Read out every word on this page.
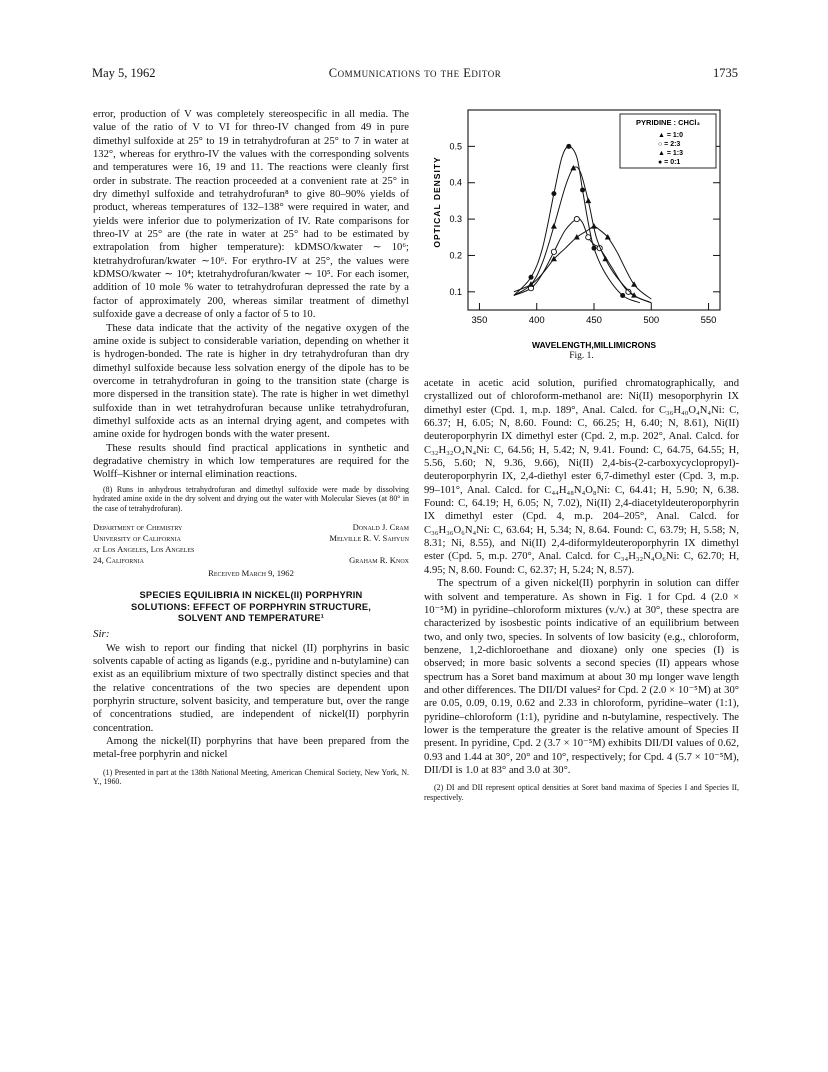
May 5, 1962	Communications to the Editor	1735

error, production of V was completely stereospecific in all media. The value of the ratio of V to VI for threo-IV changed from 49 in pure dimethyl sulfoxide at 25° to 19 in tetrahydrofuran at 25° to 7 in water at 132°, whereas for erythro-IV the values with the corresponding solvents and temperatures were 16, 19 and 11. The reactions were cleanly first order in substrate. The reaction proceeded at a convenient rate at 25° in dry dimethyl sulfoxide and tetrahydrofuran⁸ to give 80–90% yields of product, whereas temperatures of 132–138° were required in water, and yields were inferior due to polymerization of IV. Rate comparisons for threo-IV at 25° are (the rate in water at 25° had to be estimated by extrapolation from higher temperature): kDMSO/kwater ∼ 10⁶; ktetrahydrofuran/kwater ∼10⁶. For erythro-IV at 25°, the values were kDMSO/kwater ∼ 10⁴; ktetrahydrofuran/kwater ∼ 10⁵. For each isomer, addition of 10 mole % water to tetrahydrofuran depressed the rate by a factor of approximately 200, whereas similar treatment of dimethyl sulfoxide gave a decrease of only a factor of 5 to 10.

These data indicate that the activity of the negative oxygen of the amine oxide is subject to considerable variation, depending on whether it is hydrogen-bonded. The rate is higher in dry tetrahydrofuran than dry dimethyl sulfoxide because less solvation energy of the dipole has to be overcome in tetrahydrofuran in going to the transition state (charge is more dispersed in the transition state). The rate is higher in wet dimethyl sulfoxide than in wet tetrahydrofuran because unlike tetrahydrofuran, dimethyl sulfoxide acts as an internal drying agent, and competes with amine oxide for hydrogen bonds with the water present.

These results should find practical applications in synthetic and degradative chemistry in which low temperatures are required for the Wolff–Kishner or internal elimination reactions.

(8) Runs in anhydrous tetrahydrofuran and dimethyl sulfoxide were made by dissolving hydrated amine oxide in the dry solvent and drying out the water with Molecular Sieves (at 80° in the case of tetrahydrofuran).

Department of Chemistry	Donald J. Cram
University of California	Melville R. V. Sahyun
at Los Angeles, Los Angeles
24, California	Graham R. Knox
Received March 9, 1962
SPECIES EQUILIBRIA IN NICKEL(II) PORPHYRIN
SOLUTIONS: EFFECT OF PORPHYRIN STRUCTURE,
SOLVENT AND TEMPERATURE¹

Sir:

We wish to report our finding that nickel (II) porphyrins in basic solvents capable of acting as ligands (e.g., pyridine and n-butylamine) can exist as an equilibrium mixture of two spectrally distinct species and that the relative concentrations of the two species are dependent upon porphyrin structure, solvent basicity, and temperature but, over the range of concentrations studied, are independent of nickel(II) porphyrin concentration.

Among the nickel(II) porphyrins that have been prepared from the metal-free porphyrin and nickel

(1) Presented in part at the 138th National Meeting, American Chemical Society, New York, N. Y., 1960.

0.5
0.4
0.3
0.2
0.1
350	400	450	500	550
PYRIDINE : CHCl₃
▲ = 1:0
○ = 2:3
▲ = 1:3
● = 0:1
OPTICAL DENSITY
WAVELENGTH,MILLIMICRONS
Fig. 1.

acetate in acetic acid solution, purified chromatographically, and crystallized out of chloroform-methanol are: Ni(II) mesoporphyrin IX dimethyl ester (Cpd. 1, m.p. 189°, Anal. Calcd. for C₃₆H₄₀O₄N₄Ni: C, 66.37; H, 6.05; N, 8.60. Found: C, 66.25; H, 6.40; N, 8.61), Ni(II) deuteroporphyrin IX dimethyl ester (Cpd. 2, m.p. 202°, Anal. Calcd. for C₃₂H₃₂O₄N₄Ni: C, 64.56; H, 5.42; N, 9.41. Found: C, 64.75, 64.55; H, 5.56, 5.60; N, 9.36, 9.66), Ni(II) 2,4-bis-(2-carboxycyclopropyl)-deuteroporphyrin IX, 2,4-diethyl ester 6,7-dimethyl ester (Cpd. 3, m.p. 99–101°, Anal. Calcd. for C₄₄H₄₈N₄O₈Ni: C, 64.41; H, 5.90; N, 6.38. Found: C, 64.19; H, 6.05; N, 7.02), Ni(II) 2,4-diacetyldeuteroporphyrin IX dimethyl ester (Cpd. 4, m.p. 204–205°, Anal. Calcd. for C₃₆H₃₆O₆N₄Ni: C, 63.64; H, 5.34; N, 8.64. Found: C, 63.79; H, 5.58; N, 8.31; Ni, 8.55), and Ni(II) 2,4-diformyldeuteroporphyrin IX dimethyl ester (Cpd. 5, m.p. 270°, Anal. Calcd. for C₃₄H₃₂N₄O₆Ni: C, 62.70; H, 4.95; N, 8.60. Found: C, 62.37; H, 5.24; N, 8.57).

The spectrum of a given nickel(II) porphyrin in solution can differ with solvent and temperature. As shown in Fig. 1 for Cpd. 4 (2.0 × 10⁻⁵M) in pyridine–chloroform mixtures (v./v.) at 30°, these spectra are characterized by isosbestic points indicative of an equilibrium between two, and only two, species. In solvents of low basicity (e.g., chloroform, benzene, 1,2-dichloroethane and dioxane) only one species (I) is observed; in more basic solvents a second species (II) appears whose spectrum has a Soret band maximum at about 30 mμ longer wave length and other differences. The DII/DI values² for Cpd. 2 (2.0 × 10⁻⁵M) at 30° are 0.05, 0.09, 0.19, 0.62 and 2.33 in chloroform, pyridine–water (1:1), pyridine–chloroform (1:1), pyridine and n-butylamine, respectively. The lower is the temperature the greater is the relative amount of Species II present. In pyridine, Cpd. 2 (3.7 × 10⁻⁵M) exhibits DII/DI values of 0.62, 0.93 and 1.44 at 30°, 20° and 10°, respectively; for Cpd. 4 (5.7 × 10⁻⁵M), DII/DI is 1.0 at 83° and 3.0 at 30°.

(2) DI and DII represent optical densities at Soret band maxima of Species I and Species II, respectively.
